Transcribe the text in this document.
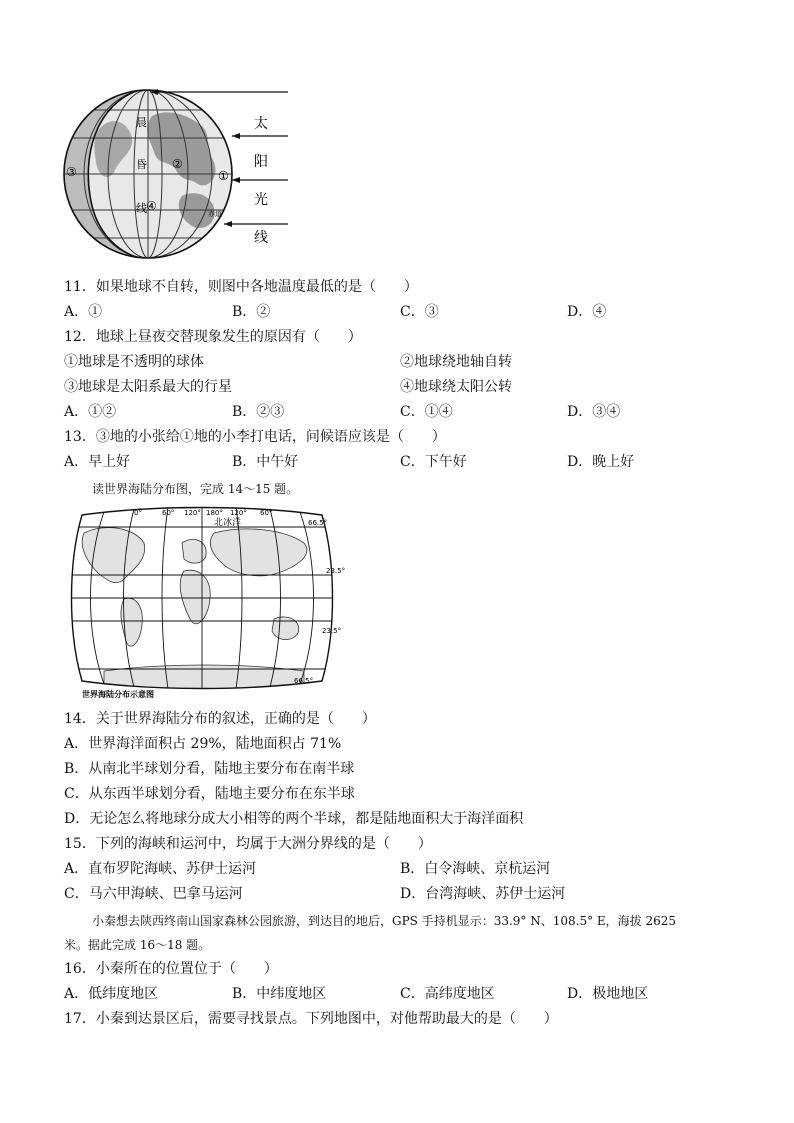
晨
昏
线
①
②
③
④
赤道
太
阳
光
线
11．如果地球不自转，则图中各地温度最低的是（　　）
A．①	B．②	C．③	D．④
12．地球上昼夜交替现象发生的原因有（　　）
①地球是不透明的球体	②地球绕地轴自转
③地球是太阳系最大的行星	④地球绕太阳公转
A．①②	B．②③	C．①④	D．③④
13．③地的小张给①地的小李打电话，问候语应该是（　　）
A．早上好	B．中午好	C．下午好	D．晚上好
读世界海陆分布图，完成 14～15 题。
0°	60° 120° 180° 120° 60°
北冰洋	66.5°
23.5°
23.5°
66.5°
世界海陆分布示意图
14．关于世界海陆分布的叙述，正确的是（　　）
A．世界海洋面积占 29%，陆地面积占 71%
B．从南北半球划分看，陆地主要分布在南半球
C．从东西半球划分看，陆地主要分布在东半球
D．无论怎么将地球分成大小相等的两个半球，都是陆地面积大于海洋面积
15．下列的海峡和运河中，均属于大洲分界线的是（　　）
A．直布罗陀海峡、苏伊士运河	B．白令海峡、京杭运河
C．马六甲海峡、巴拿马运河	D．台湾海峡、苏伊士运河
小秦想去陕西终南山国家森林公园旅游，到达目的地后，GPS 手持机显示：33.9° N、108.5° E，海拔 2625
米。据此完成 16～18 题。
16．小秦所在的位置位于（　　）
A．低纬度地区	B．中纬度地区	C．高纬度地区	D．极地地区
17．小秦到达景区后，需要寻找景点。下列地图中，对他帮助最大的是（　　）
